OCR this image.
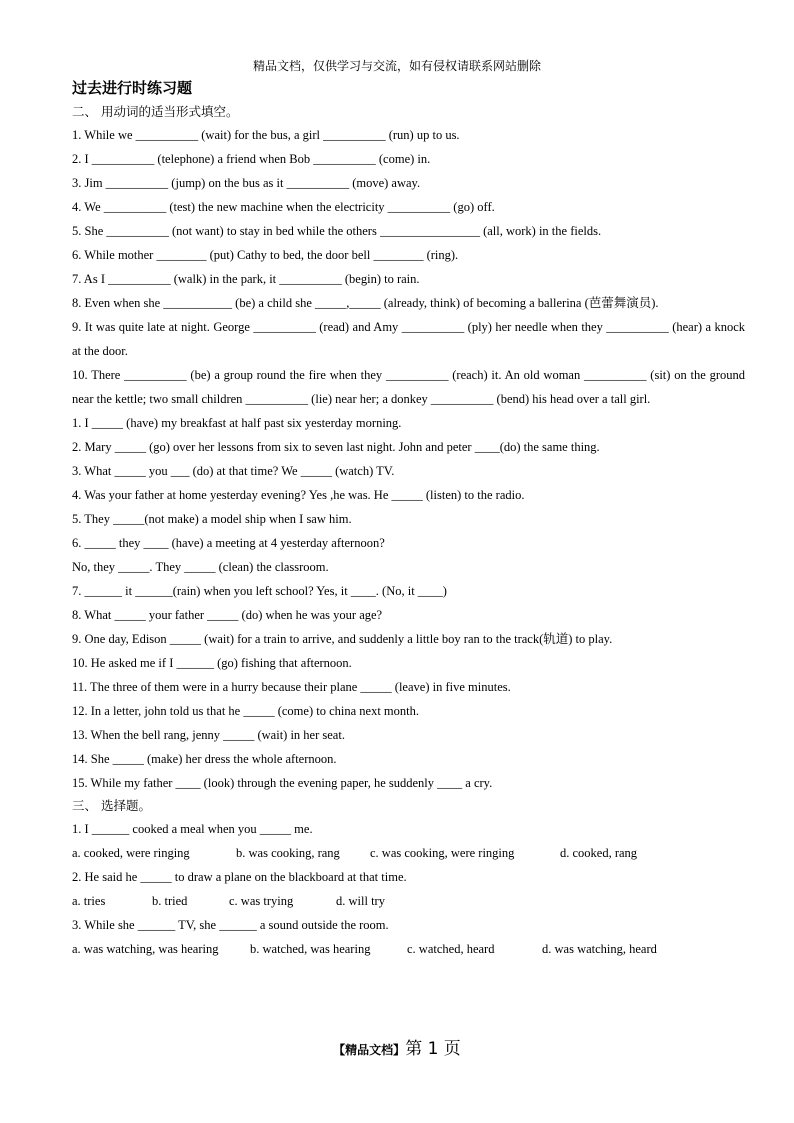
精品文档，仅供学习与交流，如有侵权请联系网站删除
过去进行时练习题
二、 用动词的适当形式填空。
1. While we __________ (wait) for the bus, a girl __________ (run) up to us.
2. I __________ (telephone) a friend when Bob __________ (come) in.
3. Jim __________ (jump) on the bus as it __________ (move) away.
4. We __________ (test) the new machine when the electricity __________ (go) off.
5. She __________ (not want) to stay in bed while the others ________________ (all, work) in the fields.
6. While mother ________ (put) Cathy to bed, the door bell ________ (ring).
7. As I __________ (walk) in the park, it __________ (begin) to rain.
8. Even when she ___________ (be) a child she _____,_____ (already, think) of becoming a ballerina (芭蕾舞演员).
9. It was quite late at night. George __________ (read) and Amy __________ (ply) her needle when they __________ (hear) a knock at the door.
10. There __________ (be) a group round the fire when they __________ (reach) it. An old woman __________ (sit) on the ground near the kettle; two small children __________ (lie) near her; a donkey __________ (bend) his head over a tall girl.
1. I _____ (have) my breakfast at half past six yesterday morning.
2. Mary _____ (go) over her lessons from six to seven last night. John and peter ____(do) the same thing.
3. What _____ you ___ (do) at that time? We _____ (watch) TV.
4. Was your father at home yesterday evening? Yes ,he was. He _____ (listen) to the radio.
5. They _____(not make) a model ship when I saw him.
6. _____ they ____ (have) a meeting at 4 yesterday afternoon?
No, they _____. They _____ (clean) the classroom.
7. ______ it ______(rain) when you left school? Yes, it ____. (No, it ____)
8. What _____ your father _____ (do) when he was your age?
9. One day, Edison _____ (wait) for a train to arrive, and suddenly a little boy ran to the track(轨道) to play.
10. He asked me if I ______ (go) fishing that afternoon.
11. The three of them were in a hurry because their plane _____ (leave) in five minutes.
12. In a letter, john told us that he _____ (come) to china next month.
13. When the bell rang, jenny _____ (wait) in her seat.
14. She _____ (make) her dress the whole afternoon.
15. While my father ____ (look) through the evening paper, he suddenly ____ a cry.
三、 选择题。
1. I ______ cooked a meal when you _____ me.
a. cooked, were ringing	b. was cooking, rang	c. was cooking, were ringing	d. cooked, rang
2. He said he _____ to draw a plane on the blackboard at that time.
a. tries	b. tried	c. was trying	d. will try
3. While she ______ TV, she ______ a sound outside the room.
a. was watching, was hearing	b. watched, was hearing	c. watched, heard	d. was watching, heard
【精品文档】第 1 页
